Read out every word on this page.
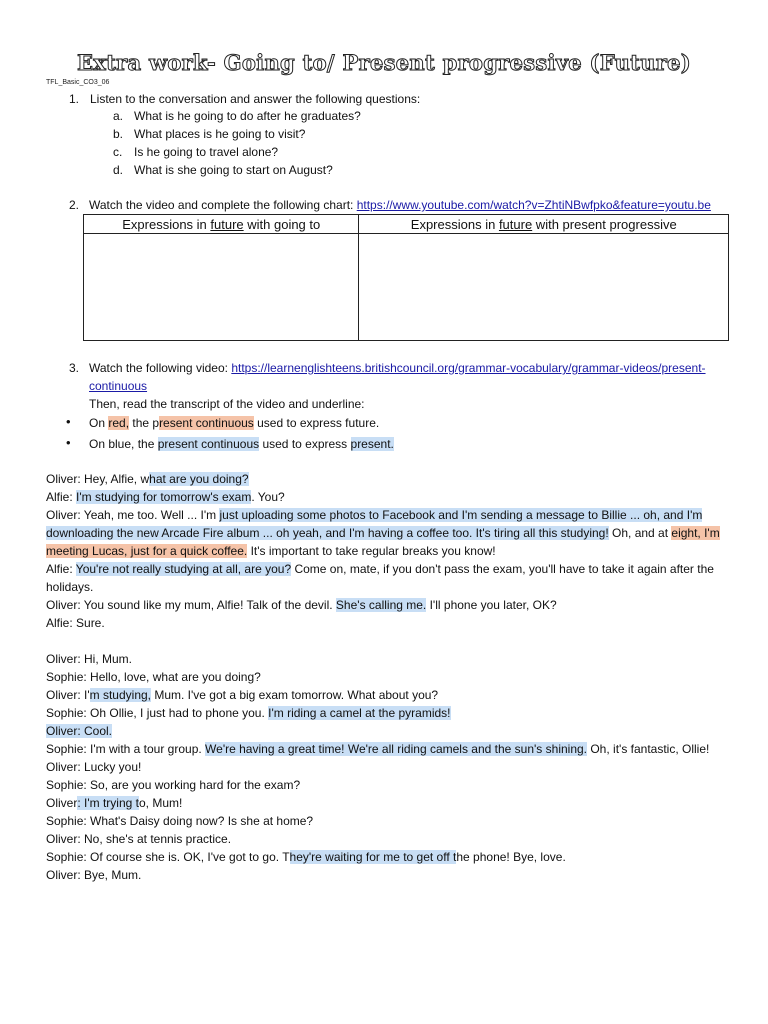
Extra work- Going to/ Present progressive (Future)
TFL_Basic_CO3_06
1. Listen to the conversation and answer the following questions:
a. What is he going to do after he graduates?
b. What places is he going to visit?
c. Is he going to travel alone?
d. What is she going to start on August?
2. Watch the video and complete the following chart: https://www.youtube.com/watch?v=ZhtiNBwfpko&feature=youtu.be
Expressions in future with going to	Expressions in future with present progressive

3. Watch the following video: https://learnenglishteens.britishcouncil.org/grammar-vocabulary/grammar-videos/present-
continuous
Then, read the transcript of the video and underline:
• On red, the present continuous used to express future.
• On blue, the present continuous used to express present.
Oliver: Hey, Alfie, what are you doing?
Alfie: I'm studying for tomorrow's exam. You?
Oliver: Yeah, me too. Well ... I'm just uploading some photos to Facebook and I'm sending a message to Billie ... oh, and I'm
downloading the new Arcade Fire album ... oh yeah, and I'm having a coffee too. It's tiring all this studying! Oh, and at eight, I'm
meeting Lucas, just for a quick coffee. It's important to take regular breaks you know!
Alfie: You're not really studying at all, are you? Come on, mate, if you don't pass the exam, you'll have to take it again after the
holidays.
Oliver: You sound like my mum, Alfie! Talk of the devil. She's calling me. I'll phone you later, OK?
Alfie: Sure.
Oliver: Hi, Mum.
Sophie: Hello, love, what are you doing?
Oliver: I'm studying, Mum. I've got a big exam tomorrow. What about you?
Sophie: Oh Ollie, I just had to phone you. I'm riding a camel at the pyramids!
Oliver: Cool.
Sophie: I'm with a tour group. We're having a great time! We're all riding camels and the sun's shining. Oh, it's fantastic, Ollie!
Oliver: Lucky you!
Sophie: So, are you working hard for the exam?
Oliver: I'm trying to, Mum!
Sophie: What's Daisy doing now? Is she at home?
Oliver: No, she's at tennis practice.
Sophie: Of course she is. OK, I've got to go. They're waiting for me to get off the phone! Bye, love.
Oliver: Bye, Mum.
